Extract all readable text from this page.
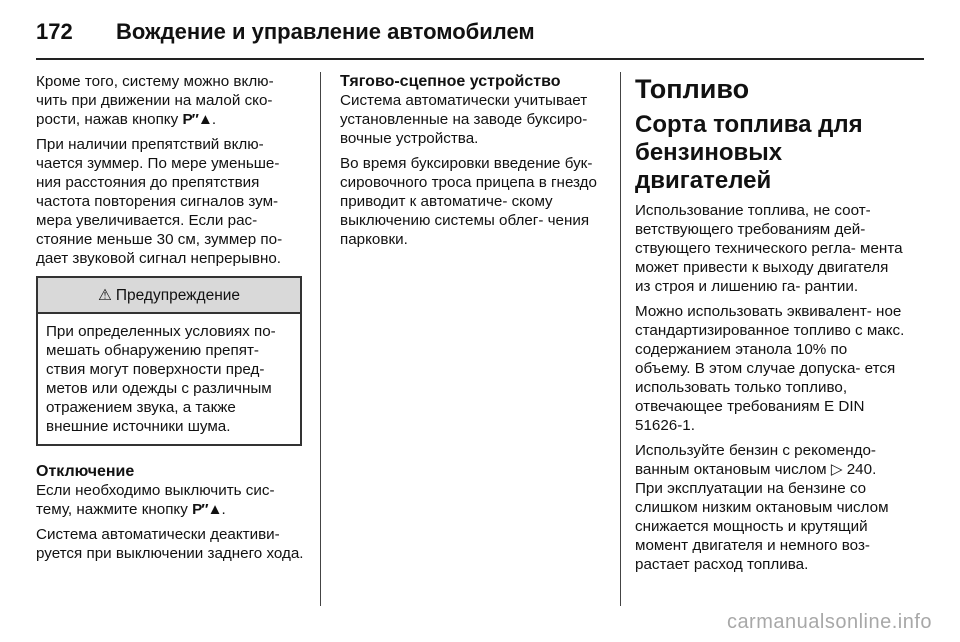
172	Вождение и управление автомобилем

Кроме того, систему можно вклю‐ чить при движении на малой ско‐ рости, нажав кнопку P″▲.

При наличии препятствий вклю‐ чается зуммер. По мере уменьше‐ ния расстояния до препятствия частота повторения сигналов зум‐ мера увеличивается. Если рас‐ стояние меньше 30 см, зуммер по‐ дает звуковой сигнал непрерывно.

⚠ Предупреждение
При определенных условиях по‐ мешать обнаружению препят‐ ствия могут поверхности пред‐ метов или одежды с различным отражением звука, а также внешние источники шума.
Отключение

Если необходимо выключить сис‐ тему, нажмите кнопку P″▲.

Система автоматически деактиви‐ руется при выключении заднего хода.

Тягово-сцепное устройство

Система автоматически учитывает установленные на заводе буксиро‐ вочные устройства.

Во время буксировки введение бук‐ сировочного троса прицепа в гнездо приводит к автоматиче‐ скому выключению системы облег‐ чения парковки.

Топливо
Сорта топлива для бензиновых двигателей

Использование топлива, не соот‐ ветствующего требованиям дей‐ ствующего технического регла‐ мента может привести к выходу двигателя из строя и лишению га‐ рантии.

Можно использовать эквивалент‐ ное стандартизированное топливо с макс. содержанием этанола 10% по объему. В этом случае допуска‐ ется использовать только топливо, отвечающее требованиям E DIN 51626-1.

Используйте бензин с рекомендо‐ ванным октановым числом ▷ 240. При эксплуатации на бензине со слишком низким октановым числом снижается мощность и крутящий момент двигателя и немного воз‐ растает расход топлива.

carmanualsonline.info
